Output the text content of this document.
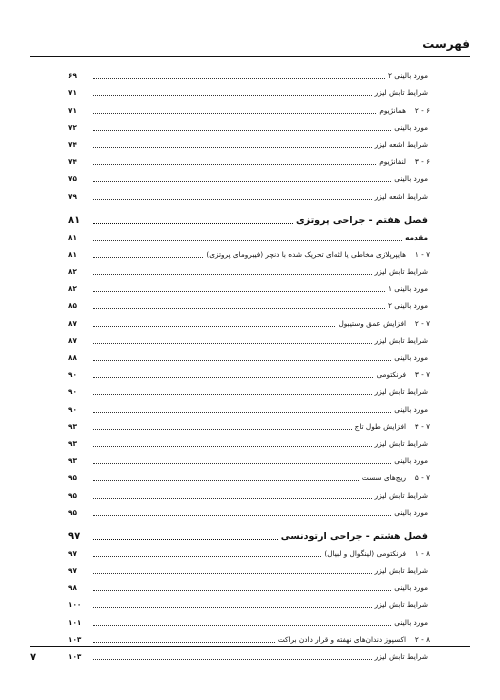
فهرست
مورد بالینی ۲
۶۹
شرایط تابش لیزر
۷۱
۶ - ۲
همانژیوم
۷۱
مورد بالینی
۷۲
شرایط اشعه لیزر
۷۴
۶ - ۳
لنفانژیوم
۷۴
مورد بالینی
۷۵
شرایط اشعه لیزر
۷۹
فصل هفتم - جراحی پروتزی
۸۱
مقدمه
۸۱
۷ - ۱
هایپرپلازی مخاطی یا لثه‌ای تحریک شده با دنچر (فیبرومای پروتزی)
۸۱
شرایط تابش لیزر
۸۲
مورد بالینی ۱
۸۲
مورد بالینی ۲
۸۵
۷ - ۲
افزایش عمق وستیبول
۸۷
شرایط تابش لیزر
۸۷
مورد بالینی
۸۸
۷ - ۳
فرنکتومی
۹۰
شرایط تابش لیزر
۹۰
مورد بالینی
۹۰
۷ - ۴
افزایش طول تاج
۹۳
شرایط تابش لیزر
۹۳
مورد بالینی
۹۳
۷ - ۵
ریج‌های سست
۹۵
شرایط تابش لیزر
۹۵
مورد بالینی
۹۵
فصل هشتم - جراحی ارتودنسی
۹۷
۸ - ۱
فرنکتومی (لینگوال و لبیال)
۹۷
شرایط تابش لیزر
۹۷
مورد بالینی
۹۸
شرایط تابش لیزر
۱۰۰
مورد بالینی
۱۰۱
۸ - ۲
اکسپوز دندان‌های نهفته و قرار دادن براکت
۱۰۳
شرایط تابش لیزر
۱۰۳
۷
